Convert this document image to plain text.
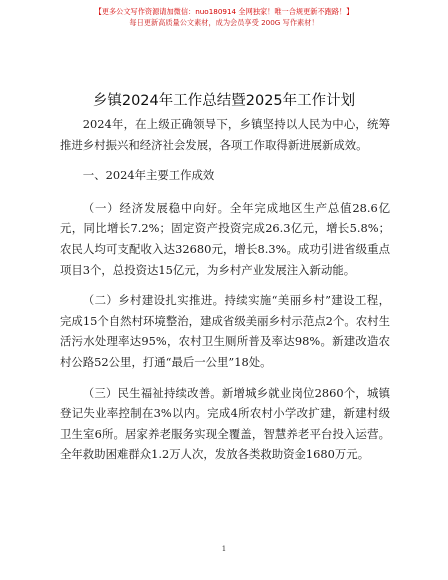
【更多公文写作资源请加微信：nuo180914 全网独家！唯一合规更新不跑路！】
每日更新高质量公文素材，成为会员享受 200G 写作素材！
乡镇2024年工作总结暨2025年工作计划

2024年，在上级正确领导下，乡镇坚持以人民为中心，统筹推进乡村振兴和经济社会发展，各项工作取得新进展新成效。

一、2024年主要工作成效

（一）经济发展稳中向好。全年完成地区生产总值28.6亿元，同比增长7.2%；固定资产投资完成26.3亿元，增长5.8%；农民人均可支配收入达32680元，增长8.3%。成功引进省级重点项目3个，总投资达15亿元，为乡村产业发展注入新动能。

（二）乡村建设扎实推进。持续实施“美丽乡村”建设工程，完成15个自然村环境整治，建成省级美丽乡村示范点2个。农村生活污水处理率达95%，农村卫生厕所普及率达98%。新建改造农村公路52公里，打通“最后一公里”18处。

（三）民生福祉持续改善。新增城乡就业岗位2860个，城镇登记失业率控制在3%以内。完成4所农村小学改扩建，新建村级卫生室6所。居家养老服务实现全覆盖，智慧养老平台投入运营。全年救助困难群众1.2万人次，发放各类救助资金1680万元。

1
